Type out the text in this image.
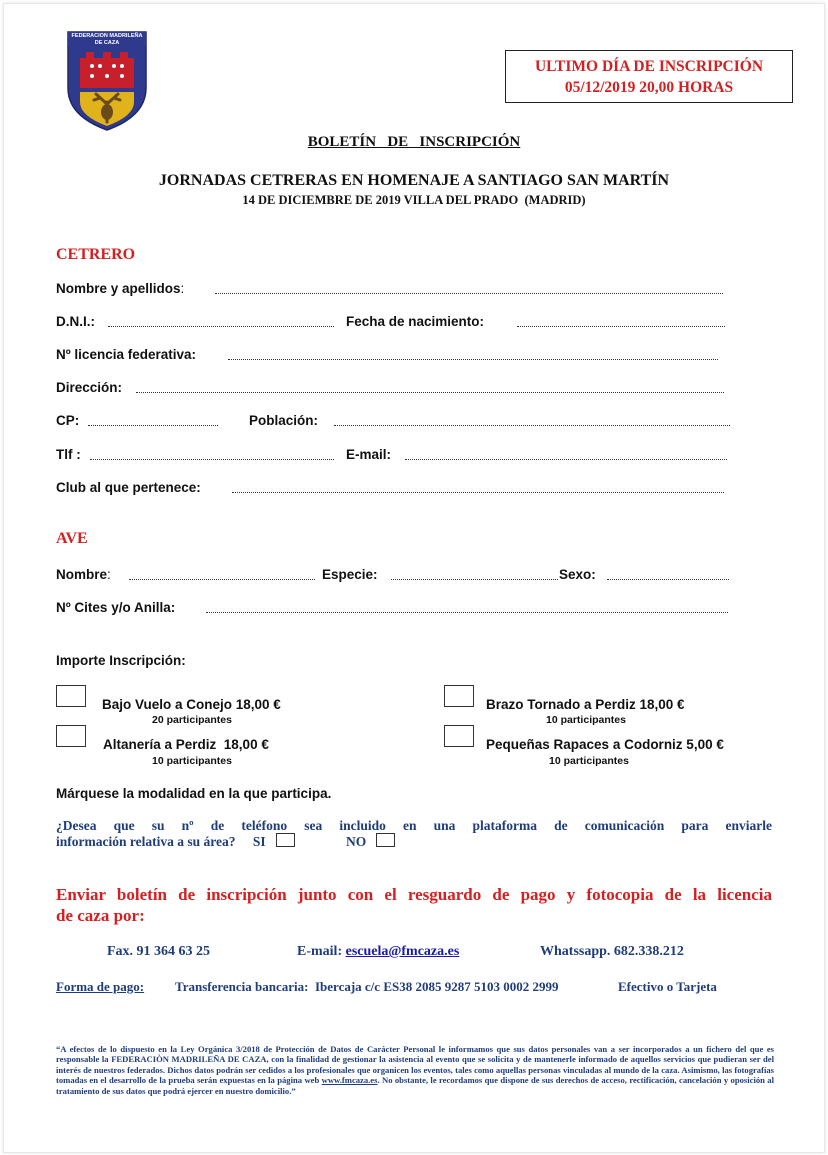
FEDERACION MADRILEÑA DE CAZA
ULTIMO DÍA DE INSCRIPCIÓN
05/12/2019 20,00 HORAS
BOLETÍN   DE   INSCRIPCIÓN
JORNADAS CETRERAS EN HOMENAJE A SANTIAGO SAN MARTÍN
14 DE DICIEMBRE DE 2019 VILLA DEL PRADO  (MADRID)
CETRERO
Nombre y apellidos:
D.N.I.:	Fecha de nacimiento:
Nº licencia federativa:
Dirección:
CP:	Población:
Tlf :	E-mail:
Club al que pertenece:
AVE
Nombre:	Especie:	Sexo:
Nº Cites y/o Anilla:
Importe Inscripción:
Bajo Vuelo a Conejo 18,00 €
20 participantes
Brazo Tornado a Perdiz 18,00 €
10 participantes
Altanería a Perdiz  18,00 €
10 participantes
Pequeñas Rapaces a Codorniz 5,00 €
10 participantes
Márquese la modalidad en la que participa.
¿Desea que su nº de teléfono sea incluido en una plataforma de comunicación para enviarle
información relativa a su área? SI	NO
Enviar boletín de inscripción junto con el resguardo de pago y fotocopia de la licencia
de caza por:
Fax. 91 364 63 25	E-mail: escuela@fmcaza.es	Whatssapp. 682.338.212
Forma de pago: Transferencia bancaria:  Ibercaja c/c ES38 2085 9287 5103 0002 2999	Efectivo o Tarjeta
“A efectos de lo dispuesto en la Ley Orgánica 3/2018 de Protección de Datos de Carácter Personal le informamos que sus datos personales van a ser incorporados a un fichero del que es responsable la FEDERACIÒN MADRILEÑA DE CAZA, con la finalidad de gestionar la asistencia al evento que se solicita y de mantenerle informado de aquellos servicios que pudieran ser del interés de nuestros federados. Dichos datos podrán ser cedidos a los profesionales que organicen los eventos, tales como aquellas personas vinculadas al mundo de la caza. Asimismo, las fotografías tomadas en el desarrollo de la prueba serán expuestas en la página web www.fmcaza.es. No obstante, le recordamos que dispone de sus derechos de acceso, rectificación, cancelación y oposición al tratamiento de sus datos que podrá ejercer en nuestro domicilio.”
